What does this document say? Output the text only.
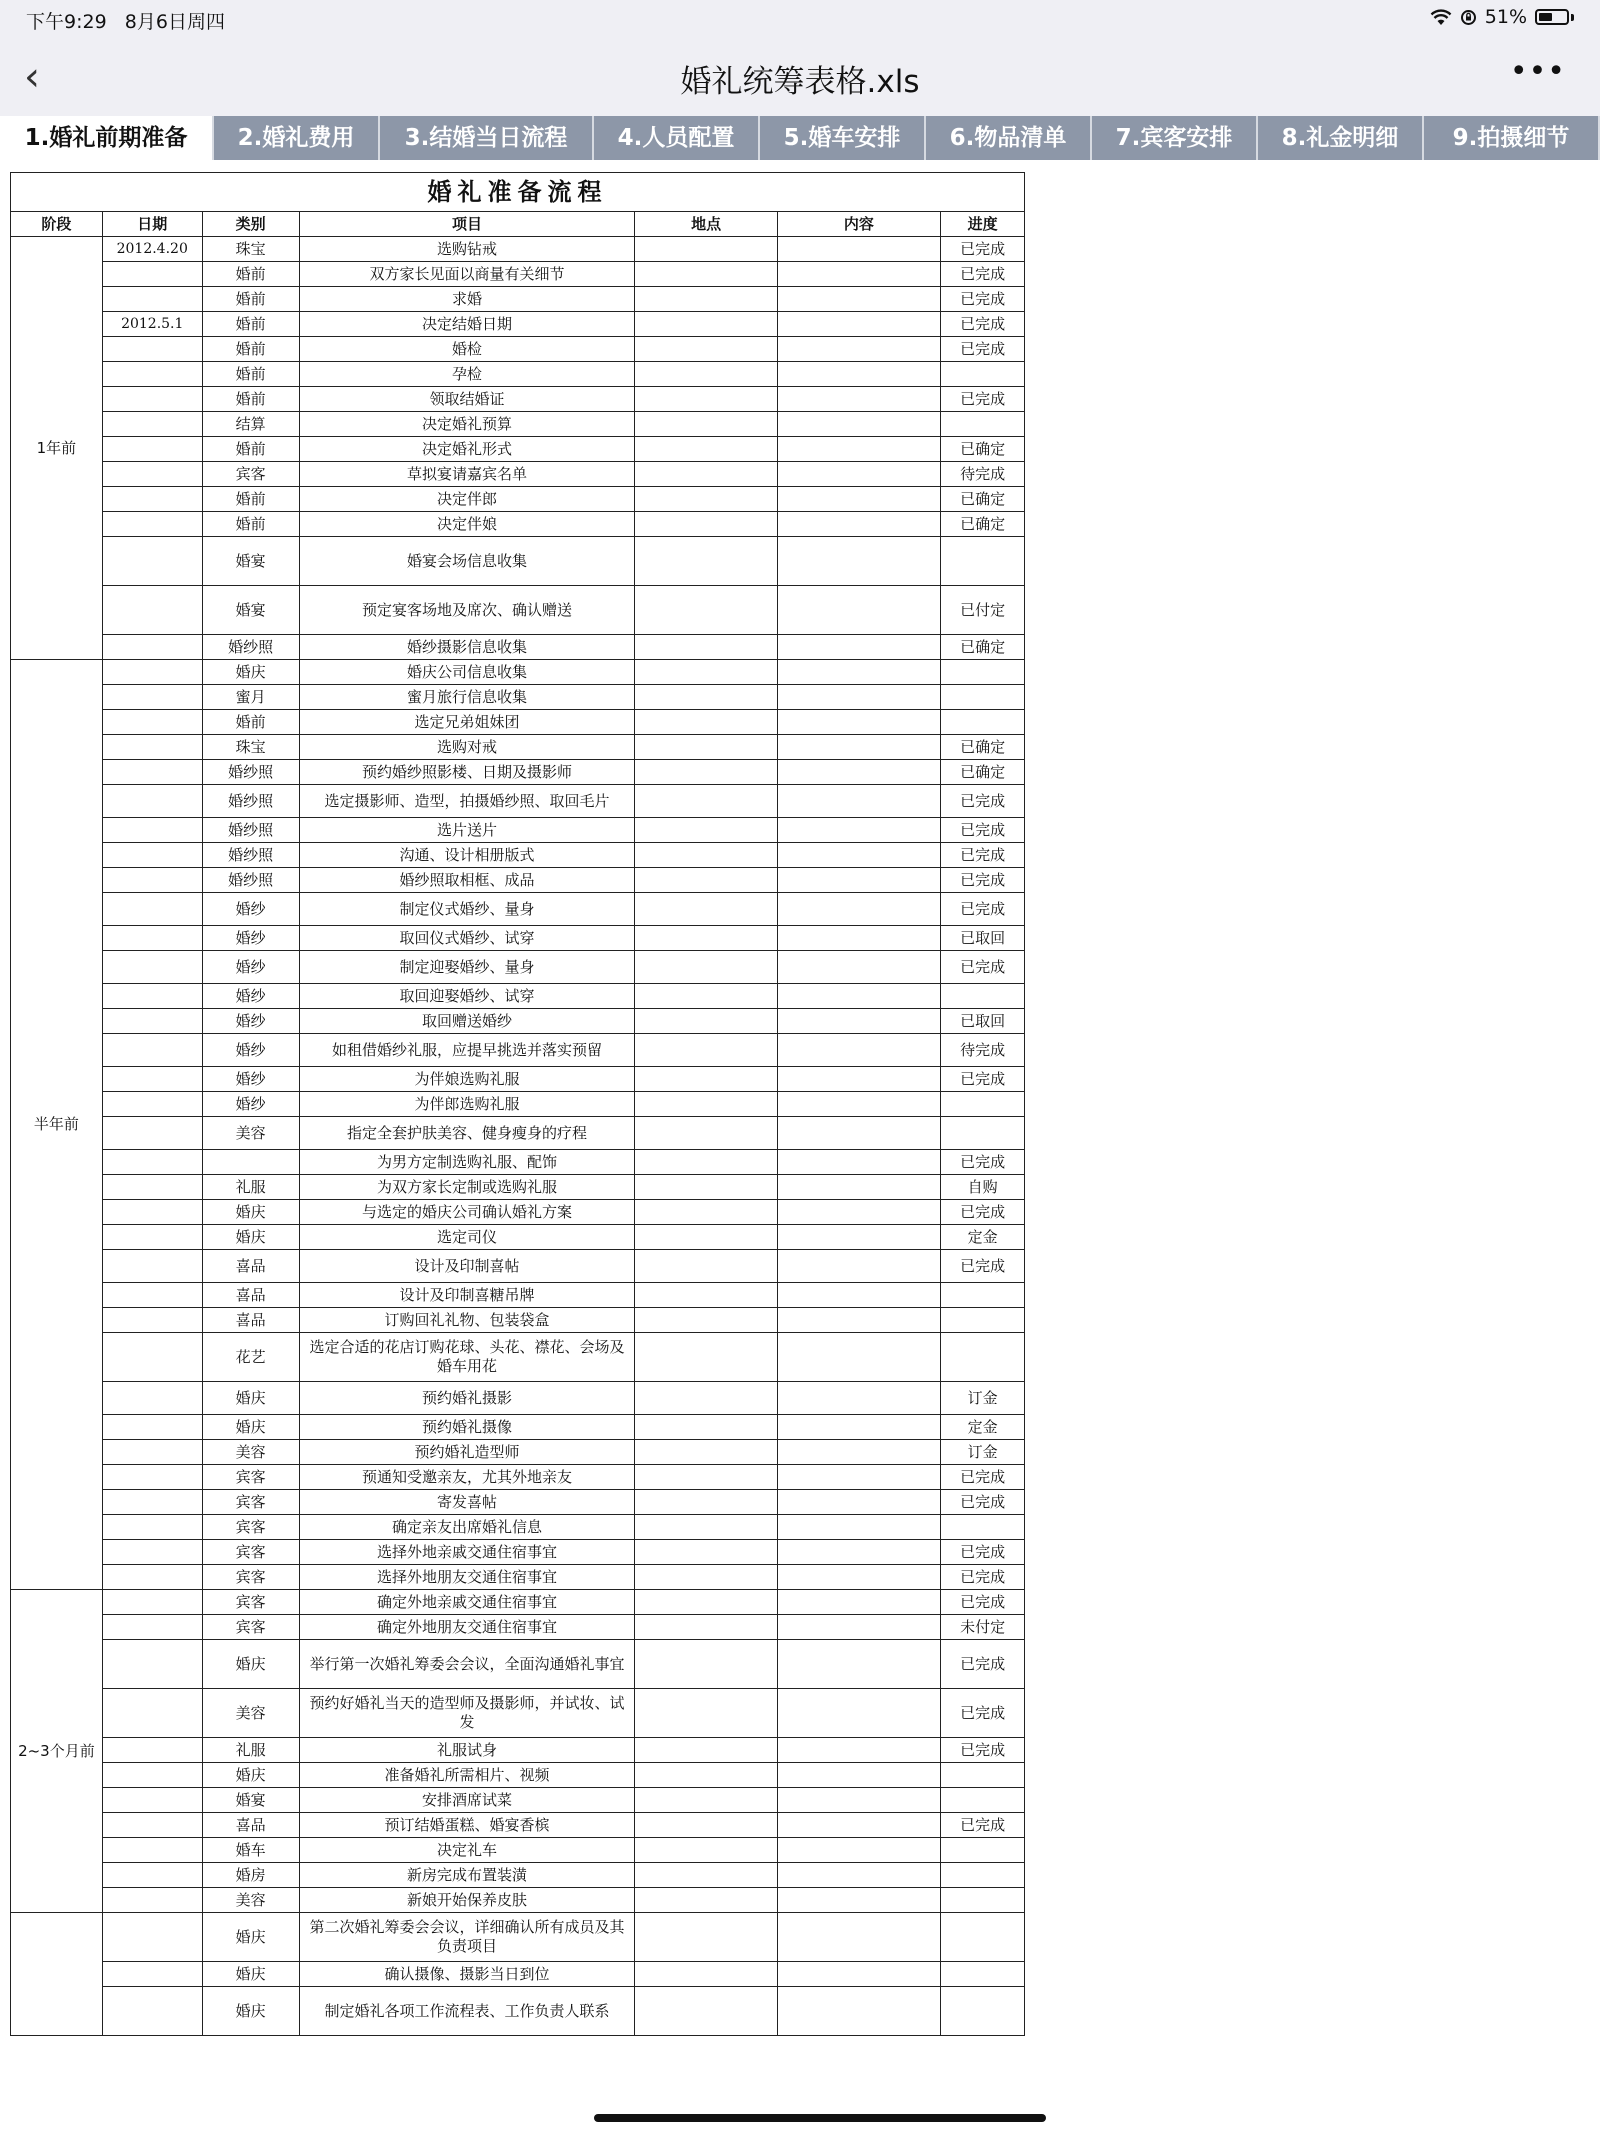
下午9:29 8月6日周四	51%
‹	婚礼统筹表格.xls	•••
1.婚礼前期准备	2.婚礼费用	3.结婚当日流程	4.人员配置	5.婚车安排	6.物品清单	7.宾客安排	8.礼金明细	9.拍摄细节
婚礼准备流程						
阶段	日期	类别	项目	地点	内容	进度
1年前	2012.4.20	珠宝	选购钻戒			已完成
		婚前	双方家长见面以商量有关细节			已完成
		婚前	求婚			已完成
	2012.5.1	婚前	决定结婚日期			已完成
		婚前	婚检			已完成
		婚前	孕检			
		婚前	领取结婚证			已完成
		结算	决定婚礼预算			
		婚前	决定婚礼形式			已确定
		宾客	草拟宴请嘉宾名单			待完成
		婚前	决定伴郎			已确定
		婚前	决定伴娘			已确定
		婚宴	婚宴会场信息收集			
		婚宴	预定宴客场地及席次、确认赠送			已付定
		婚纱照	婚纱摄影信息收集			已确定
半年前		婚庆	婚庆公司信息收集			
		蜜月	蜜月旅行信息收集			
		婚前	选定兄弟姐妹团			
		珠宝	选购对戒			已确定
		婚纱照	预约婚纱照影楼、日期及摄影师			已确定
		婚纱照	选定摄影师、造型，拍摄婚纱照、取回毛片			已完成
		婚纱照	选片送片			已完成
		婚纱照	沟通、设计相册版式			已完成
		婚纱照	婚纱照取相框、成品			已完成
		婚纱	制定仪式婚纱、量身			已完成
		婚纱	取回仪式婚纱、试穿			已取回
		婚纱	制定迎娶婚纱、量身			已完成
		婚纱	取回迎娶婚纱、试穿			
		婚纱	取回赠送婚纱			已取回
		婚纱	如租借婚纱礼服，应提早挑选并落实预留			待完成
		婚纱	为伴娘选购礼服			已完成
		婚纱	为伴郎选购礼服			
		美容	指定全套护肤美容、健身瘦身的疗程			
			为男方定制选购礼服、配饰			已完成
		礼服	为双方家长定制或选购礼服			自购
		婚庆	与选定的婚庆公司确认婚礼方案			已完成
		婚庆	选定司仪			定金
		喜品	设计及印制喜帖			已完成
		喜品	设计及印制喜糖吊牌			
		喜品	订购回礼礼物、包装袋盒			
		花艺	选定合适的花店订购花球、头花、襟花、会场及婚车用花			
		婚庆	预约婚礼摄影			订金
		婚庆	预约婚礼摄像			定金
		美容	预约婚礼造型师			订金
		宾客	预通知受邀亲友，尤其外地亲友			已完成
		宾客	寄发喜帖			已完成
		宾客	确定亲友出席婚礼信息			
		宾客	选择外地亲戚交通住宿事宜			已完成
		宾客	选择外地朋友交通住宿事宜			已完成
2~3个月前		宾客	确定外地亲戚交通住宿事宜			已完成
		宾客	确定外地朋友交通住宿事宜			未付定
		婚庆	举行第一次婚礼筹委会会议，全面沟通婚礼事宜			已完成
		美容	预约好婚礼当天的造型师及摄影师，并试妆、试发			已完成
		礼服	礼服试身			已完成
		婚庆	准备婚礼所需相片、视频			
		婚宴	安排酒席试菜			
		喜品	预订结婚蛋糕、婚宴香槟			已完成
		婚车	决定礼车			
		婚房	新房完成布置装潢			
		美容	新娘开始保养皮肤			
		婚庆	第二次婚礼筹委会会议，详细确认所有成员及其负责项目			
		婚庆	确认摄像、摄影当日到位			
		婚庆	制定婚礼各项工作流程表、工作负责人联系			
